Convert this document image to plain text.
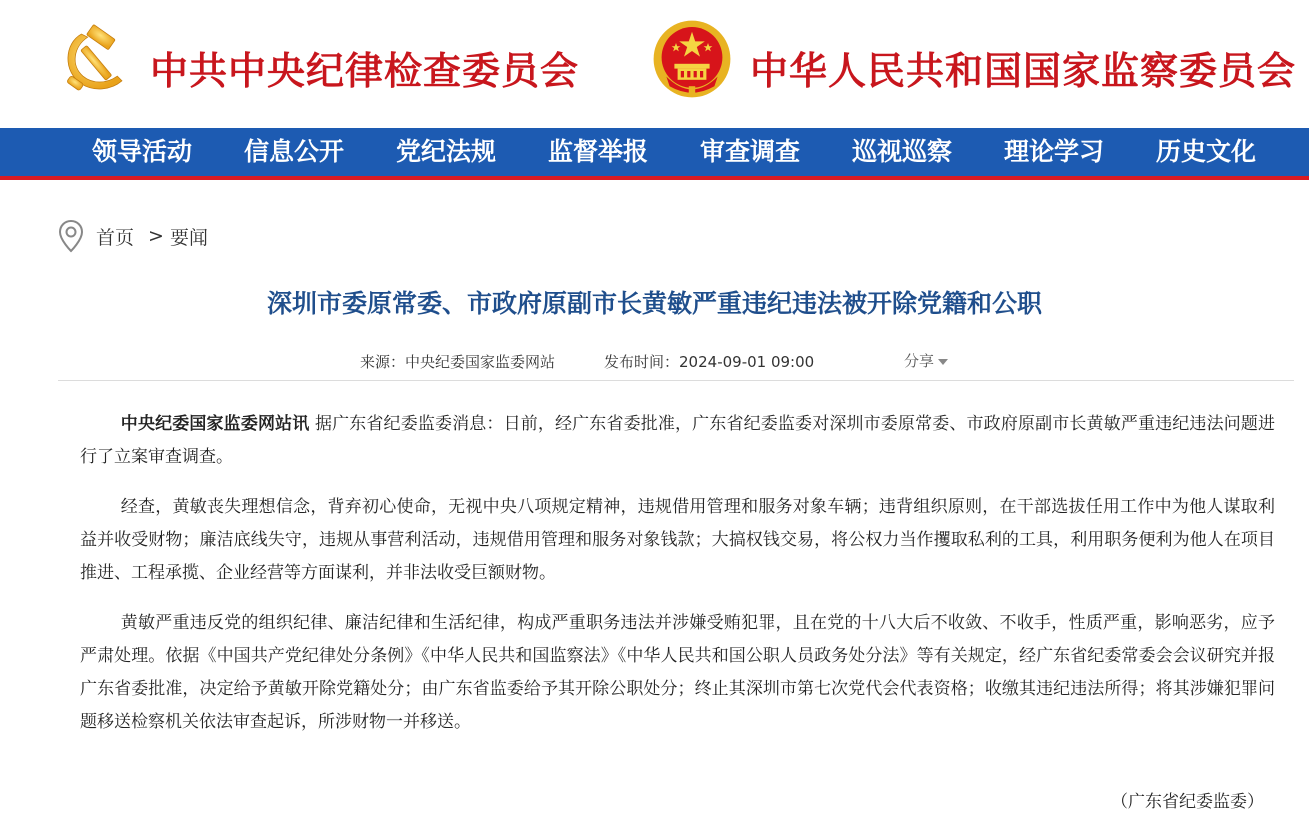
中共中央纪律检查委员会	中华人民共和国国家监察委员会
领导活动	信息公开	党纪法规	监督举报	审查调查	巡视巡察	理论学习	历史文化
首页 > 要闻
深圳市委原常委、市政府原副市长黄敏严重违纪违法被开除党籍和公职
来源：中央纪委国家监委网站	发布时间：2024-09-01 09:00	分享

中央纪委国家监委网站讯 据广东省纪委监委消息：日前，经广东省委批准，广东省纪委监委对深圳市委原常委、市政府原副市长黄敏严重违纪违法问题进行了立案审查调查。

经查，黄敏丧失理想信念，背弃初心使命，无视中央八项规定精神，违规借用管理和服务对象车辆；违背组织原则，在干部选拔任用工作中为他人谋取利益并收受财物；廉洁底线失守，违规从事营利活动，违规借用管理和服务对象钱款；大搞权钱交易，将公权力当作攫取私利的工具，利用职务便利为他人在项目推进、工程承揽、企业经营等方面谋利，并非法收受巨额财物。

黄敏严重违反党的组织纪律、廉洁纪律和生活纪律，构成严重职务违法并涉嫌受贿犯罪，且在党的十八大后不收敛、不收手，性质严重，影响恶劣，应予严肃处理。依据《中国共产党纪律处分条例》《中华人民共和国监察法》《中华人民共和国公职人员政务处分法》等有关规定，经广东省纪委常委会会议研究并报广东省委批准，决定给予黄敏开除党籍处分；由广东省监委给予其开除公职处分；终止其深圳市第七次党代会代表资格；收缴其违纪违法所得；将其涉嫌犯罪问题移送检察机关依法审查起诉，所涉财物一并移送。

（广东省纪委监委）
